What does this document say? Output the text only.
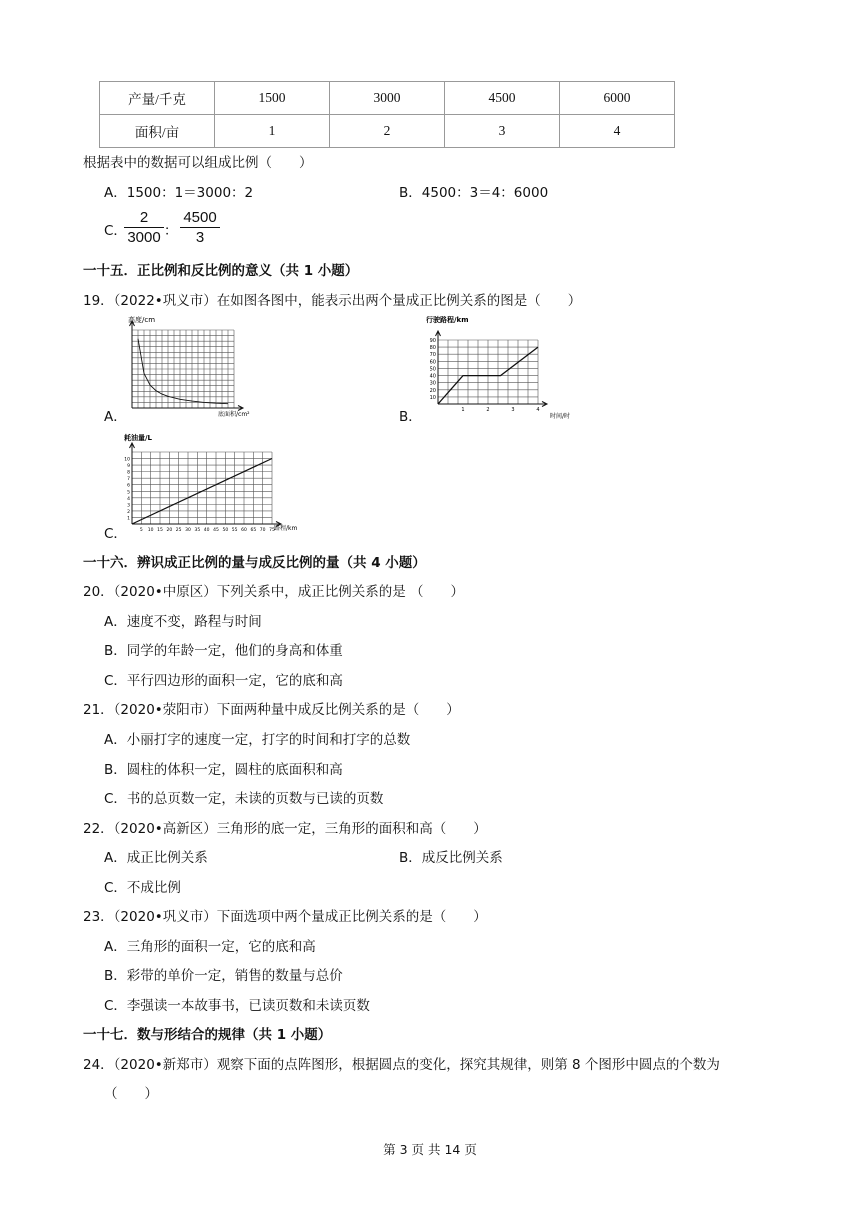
产量/千克	1500	3000	4500	6000
面积/亩	1	2	3	4
根据表中的数据可以组成比例（　　）
A．1500：1＝3000：2	B．4500：3＝4：6000
C．
2
3000 ：
4500
3
一十五．正比例和反比例的意义（共 1 小题）
19．（2022•巩义市）在如图各图中，能表示出两个量成正比例关系的图是（　　）
A．
高度/cm
底面积/cm²	B．
行驶路程/km
时间/时
10
20
30
40
50
60
70
80
90
1	2	3	4
C．
耗油量/L
路程/km
1
2
3
4
5
6
7
8
9
10
5 10 15 20 25 30 35 40 45 50 55 60 65 70 75
一十六．辨识成正比例的量与成反比例的量（共 4 小题）
20．（2020•中原区）下列关系中，成正比例关系的是 （　　）
A．速度不变，路程与时间
B．同学的年龄一定，他们的身高和体重
C．平行四边形的面积一定，它的底和高
21．（2020•荥阳市）下面两种量中成反比例关系的是（　　）
A．小丽打字的速度一定，打字的时间和打字的总数
B．圆柱的体积一定，圆柱的底面积和高
C．书的总页数一定，未读的页数与已读的页数
22．（2020•高新区）三角形的底一定，三角形的面积和高（　　）
A．成正比例关系	B．成反比例关系
C．不成比例
23．（2020•巩义市）下面选项中两个量成正比例关系的是（　　）
A．三角形的面积一定，它的底和高
B．彩带的单价一定，销售的数量与总价
C．李强读一本故事书，已读页数和未读页数
一十七．数与形结合的规律（共 1 小题）
24．（2020•新郑市）观察下面的点阵图形，根据圆点的变化，探究其规律，则第 8 个图形中圆点的个数为
（　　）
第 3 页 共 14 页
